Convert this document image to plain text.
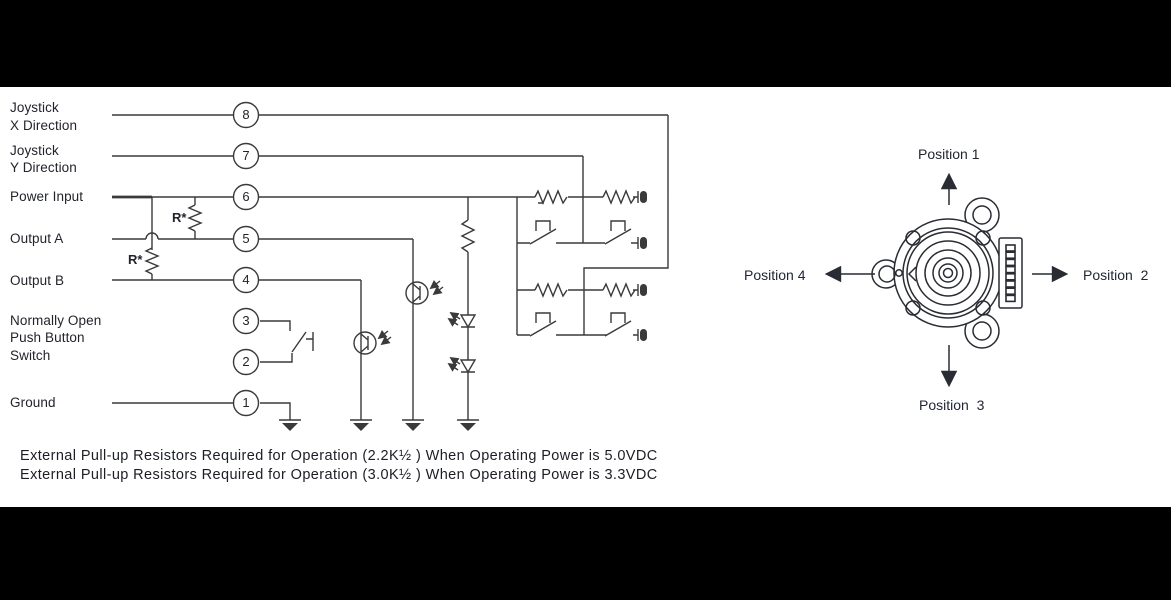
Joystick
X Direction
Joystick
Y Direction
Power Input
Output A
Output B
Normally Open
Push Button
Switch
Ground
8
7
6
5
4
3
2
1
R*
R*
Position 1
Position  2
Position  3
Position 4
External Pull-up Resistors Required for Operation (2.2K½ ) When Operating Power is 5.0VDC
External Pull-up Resistors Required for Operation (3.0K½ ) When Operating Power is 3.3VDC
